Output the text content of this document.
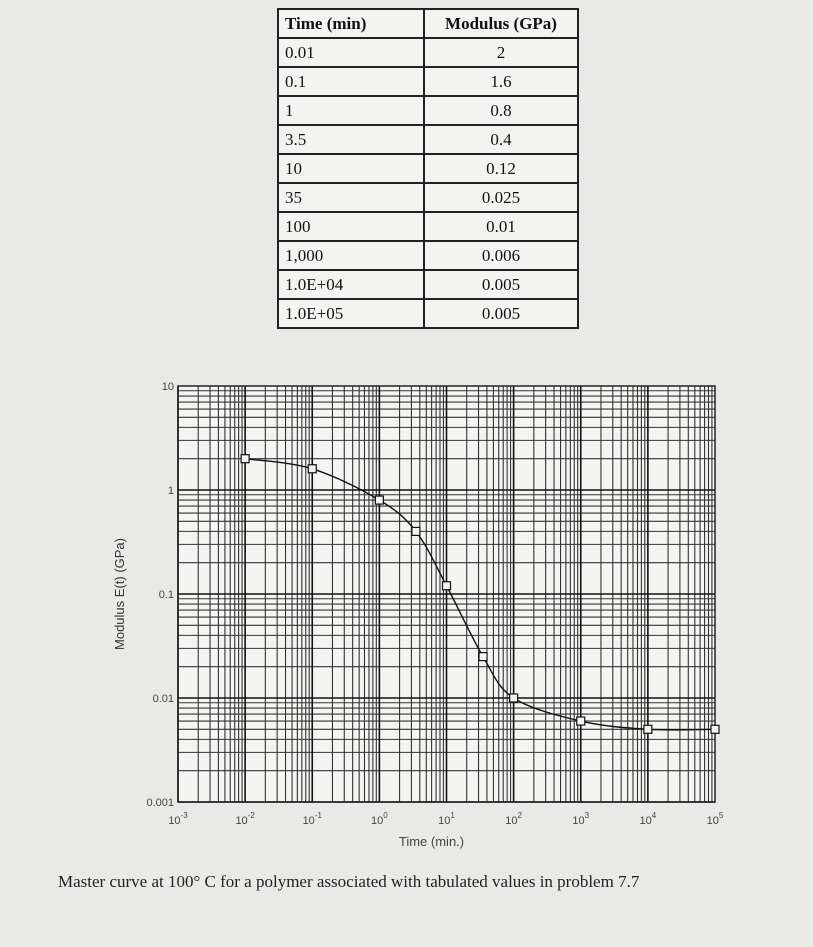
Time (min)	Modulus (GPa)
0.01	2
0.1	1.6
1	0.8
3.5	0.4
10	0.12
35	0.025
100	0.01
1,000	0.006
1.0E+04	0.005
1.0E+05	0.005
10
1
0.1
0.01
0.001
$10^{-3}$	$10^{-2}$	$10^{-1}$	$10^0$	$10^1$	$10^2$	$10^3$	$10^4$	$10^5$
Modulus E(t) (GPa)
Time (min.)
Master curve at 100° C for a polymer associated with tabulated values in problem 7.7
